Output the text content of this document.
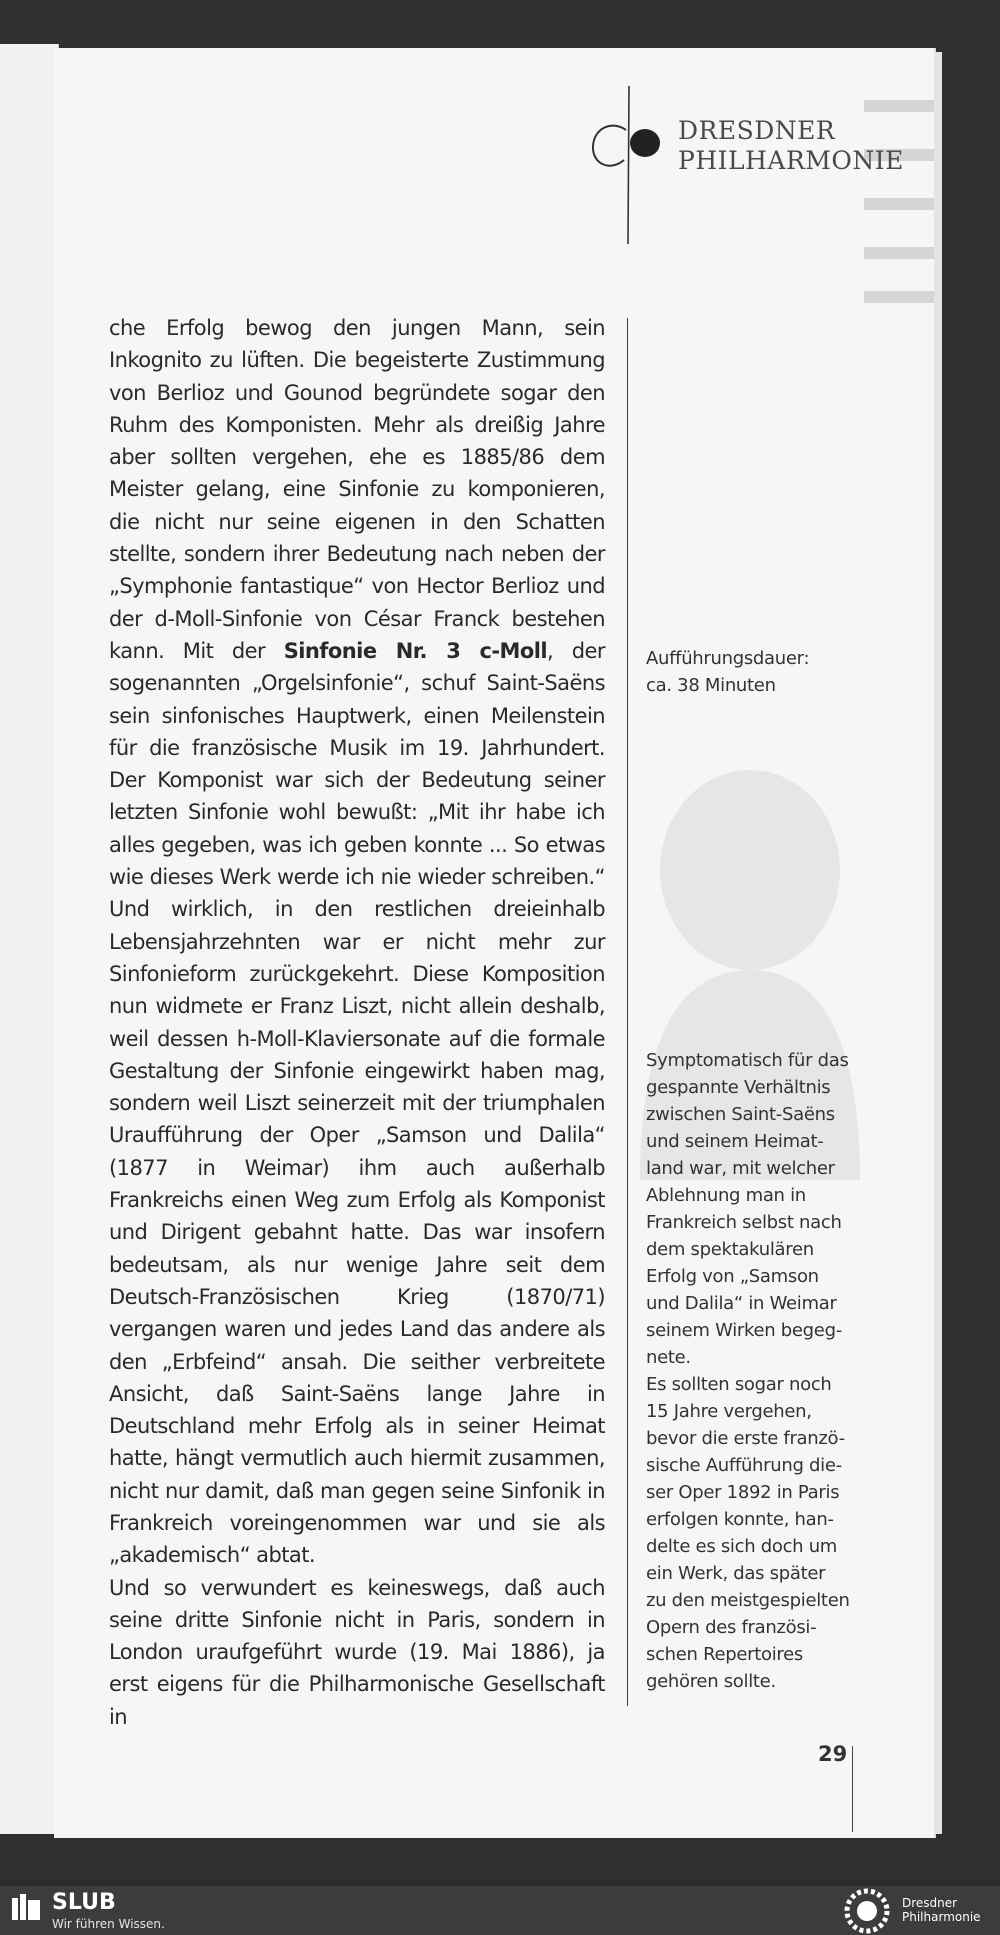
DRESDNER
PHILHARMONIE

che Erfolg bewog den jungen Mann, sein Inkognito zu lüften. Die begeisterte Zustimmung von Berlioz und Gounod begründete sogar den Ruhm des Komponisten. Mehr als dreißig Jahre aber sollten vergehen, ehe es 1885/86 dem Meister gelang, eine Sinfonie zu komponieren, die nicht nur seine eigenen in den Schatten stellte, sondern ihrer Bedeutung nach neben der „Symphonie fantastique“ von Hector Berlioz und der d-Moll-Sinfonie von César Franck bestehen kann. Mit der Sinfonie Nr. 3 c-Moll, der sogenannten „Orgelsinfonie“, schuf Saint-Saëns sein sinfonisches Hauptwerk, einen Meilenstein für die französische Musik im 19. Jahrhundert. Der Komponist war sich der Bedeutung seiner letzten Sinfonie wohl bewußt: „Mit ihr habe ich alles gegeben, was ich geben konnte ... So etwas wie dieses Werk werde ich nie wieder schreiben.“ Und wirklich, in den restlichen dreieinhalb Lebensjahrzehnten war er nicht mehr zur Sinfonieform zurückgekehrt. Diese Komposition nun widmete er Franz Liszt, nicht allein deshalb, weil dessen h-Moll-Klaviersonate auf die formale Gestaltung der Sinfonie eingewirkt haben mag, sondern weil Liszt seinerzeit mit der triumphalen Uraufführung der Oper „Samson und Dalila“ (1877 in Weimar) ihm auch außerhalb Frankreichs einen Weg zum Erfolg als Komponist und Dirigent gebahnt hatte. Das war insofern bedeutsam, als nur wenige Jahre seit dem Deutsch-Französischen Krieg (1870/71) vergangen waren und jedes Land das andere als den „Erbfeind“ ansah. Die seither verbreitete Ansicht, daß Saint-Saëns lange Jahre in Deutschland mehr Erfolg als in seiner Heimat hatte, hängt vermutlich auch hiermit zusammen, nicht nur damit, daß man gegen seine Sinfonik in Frankreich voreingenommen war und sie als „akademisch“ abtat.

Und so verwundert es keineswegs, daß auch seine dritte Sinfonie nicht in Paris, sondern in London uraufgeführt wurde (19. Mai 1886), ja erst eigens für die Philharmonische Gesellschaft in

Aufführungsdauer:
ca. 38 Minuten

Symptomatisch für das
gespannte Verhältnis
zwischen Saint-Saëns
und seinem Heimat-
land war, mit welcher
Ablehnung man in
Frankreich selbst nach
dem spektakulären
Erfolg von „Samson
und Dalila“ in Weimar
seinem Wirken begeg-
nete.

Es sollten sogar noch
15 Jahre vergehen,
bevor die erste franzö-
sische Aufführung die-
ser Oper 1892 in Paris
erfolgen konnte, han-
delte es sich doch um
ein Werk, das später
zu den meistgespielten
Opern des französi-
schen Repertoires
gehören sollte.

29
SLUB
Wir führen Wissen.
Dresdner
Philharmonie
